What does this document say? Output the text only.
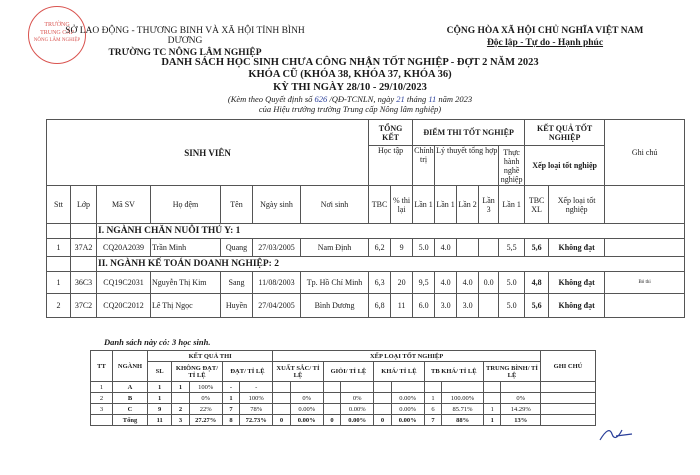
TRƯỜNG
TRUNG CẤP
NÔNG LÂM NGHIỆP
SỞ LAO ĐỘNG - THƯƠNG BINH VÀ XÃ HỘI TỈNH BÌNH DƯƠNG
TRƯỜNG TC NÔNG LÂM NGHIỆP
CỘNG HÒA XÃ HỘI CHỦ NGHĨA VIỆT NAM
Độc lập - Tự do - Hạnh phúc
DANH SÁCH HỌC SINH CHƯA CÔNG NHẬN TỐT NGHIỆP - ĐỢT 2 NĂM 2023
KHÓA CŨ (KHÓA 38, KHÓA 37, KHÓA 36)
KỲ THI NGÀY 28/10 - 29/10/2023
(Kèm theo Quyết định số 626 /QĐ-TCNLN, ngày 21 tháng 11 năm 2023
của Hiệu trưởng trường Trung cấp Nông lâm nghiệp)
SINH VIÊN							TỔNG KẾT		ĐIỂM THI TỐT NGHIỆP					KẾT QUẢ TỐT NGHIỆP		Ghi chú
							Học tập		Chính trị	Lý thuyết tổng hợp			Thực hành nghề nghiệp	Xếp loại tốt nghiệp		

Stt	Lớp	Mã SV	Họ đệm	Tên	Ngày sinh	Nơi sinh	TBC	% thi lại	Lần 1	Lần 1	Lần 2	Lần 3	Lần 1	TBC XL	Xếp loại tốt nghiệp	
		I. NGÀNH CHĂN NUÔI THÚ Y: 1														
1	37A2	CQ20A2039	Trần Minh	Quang	27/03/2005	Nam Định	6,2	9	5.0	4.0			5,5	5,6	Không đạt	
		II. NGÀNH KẾ TOÁN DOANH NGHIỆP: 2														
1	36C3	CQ19C2031	Nguyễn Thị Kim	Sang	11/08/2003	Tp. Hồ Chí Minh	6,3	20	9,5	4.0	4.0	0.0	5.0	4,8	Không đạt	Bỏ thi
2	37C2	CQ20C2012	Lê Thị Ngọc	Huyền	27/04/2005	Bình Dương	6,8	11	6.0	3.0	3.0		5.0	5,6	Không đạt	
Danh sách này có: 3 học sinh.
TT	NGÀNH	KẾT QUẢ THI					XẾP LOẠI TỐT NGHIỆP										GHI CHÚ
		SL	KHÔNG ĐẠT/ TỈ LỆ		ĐẠT/ TỈ LỆ		XUẤT SẮC/ TỈ LỆ		GIỎI/ TỈ LỆ		KHÁ/ TỈ LỆ		TB KHÁ/ TỈ LỆ		TRUNG BÌNH/ TỈ LỆ		
1	A	1	1	100%	-	-											
2	B	1		0%	1	100%		0%		0%		0.00%	1	100.00%		0%	
3	C	9	2	22%	7	78%		0.00%		0.00%		0.00%	6	85.71%	1	14.29%	
	Tổng	11	3	27.27%	8	72.73%	0	0.00%	0	0.00%	0	0.00%	7	88%	1	13%	
